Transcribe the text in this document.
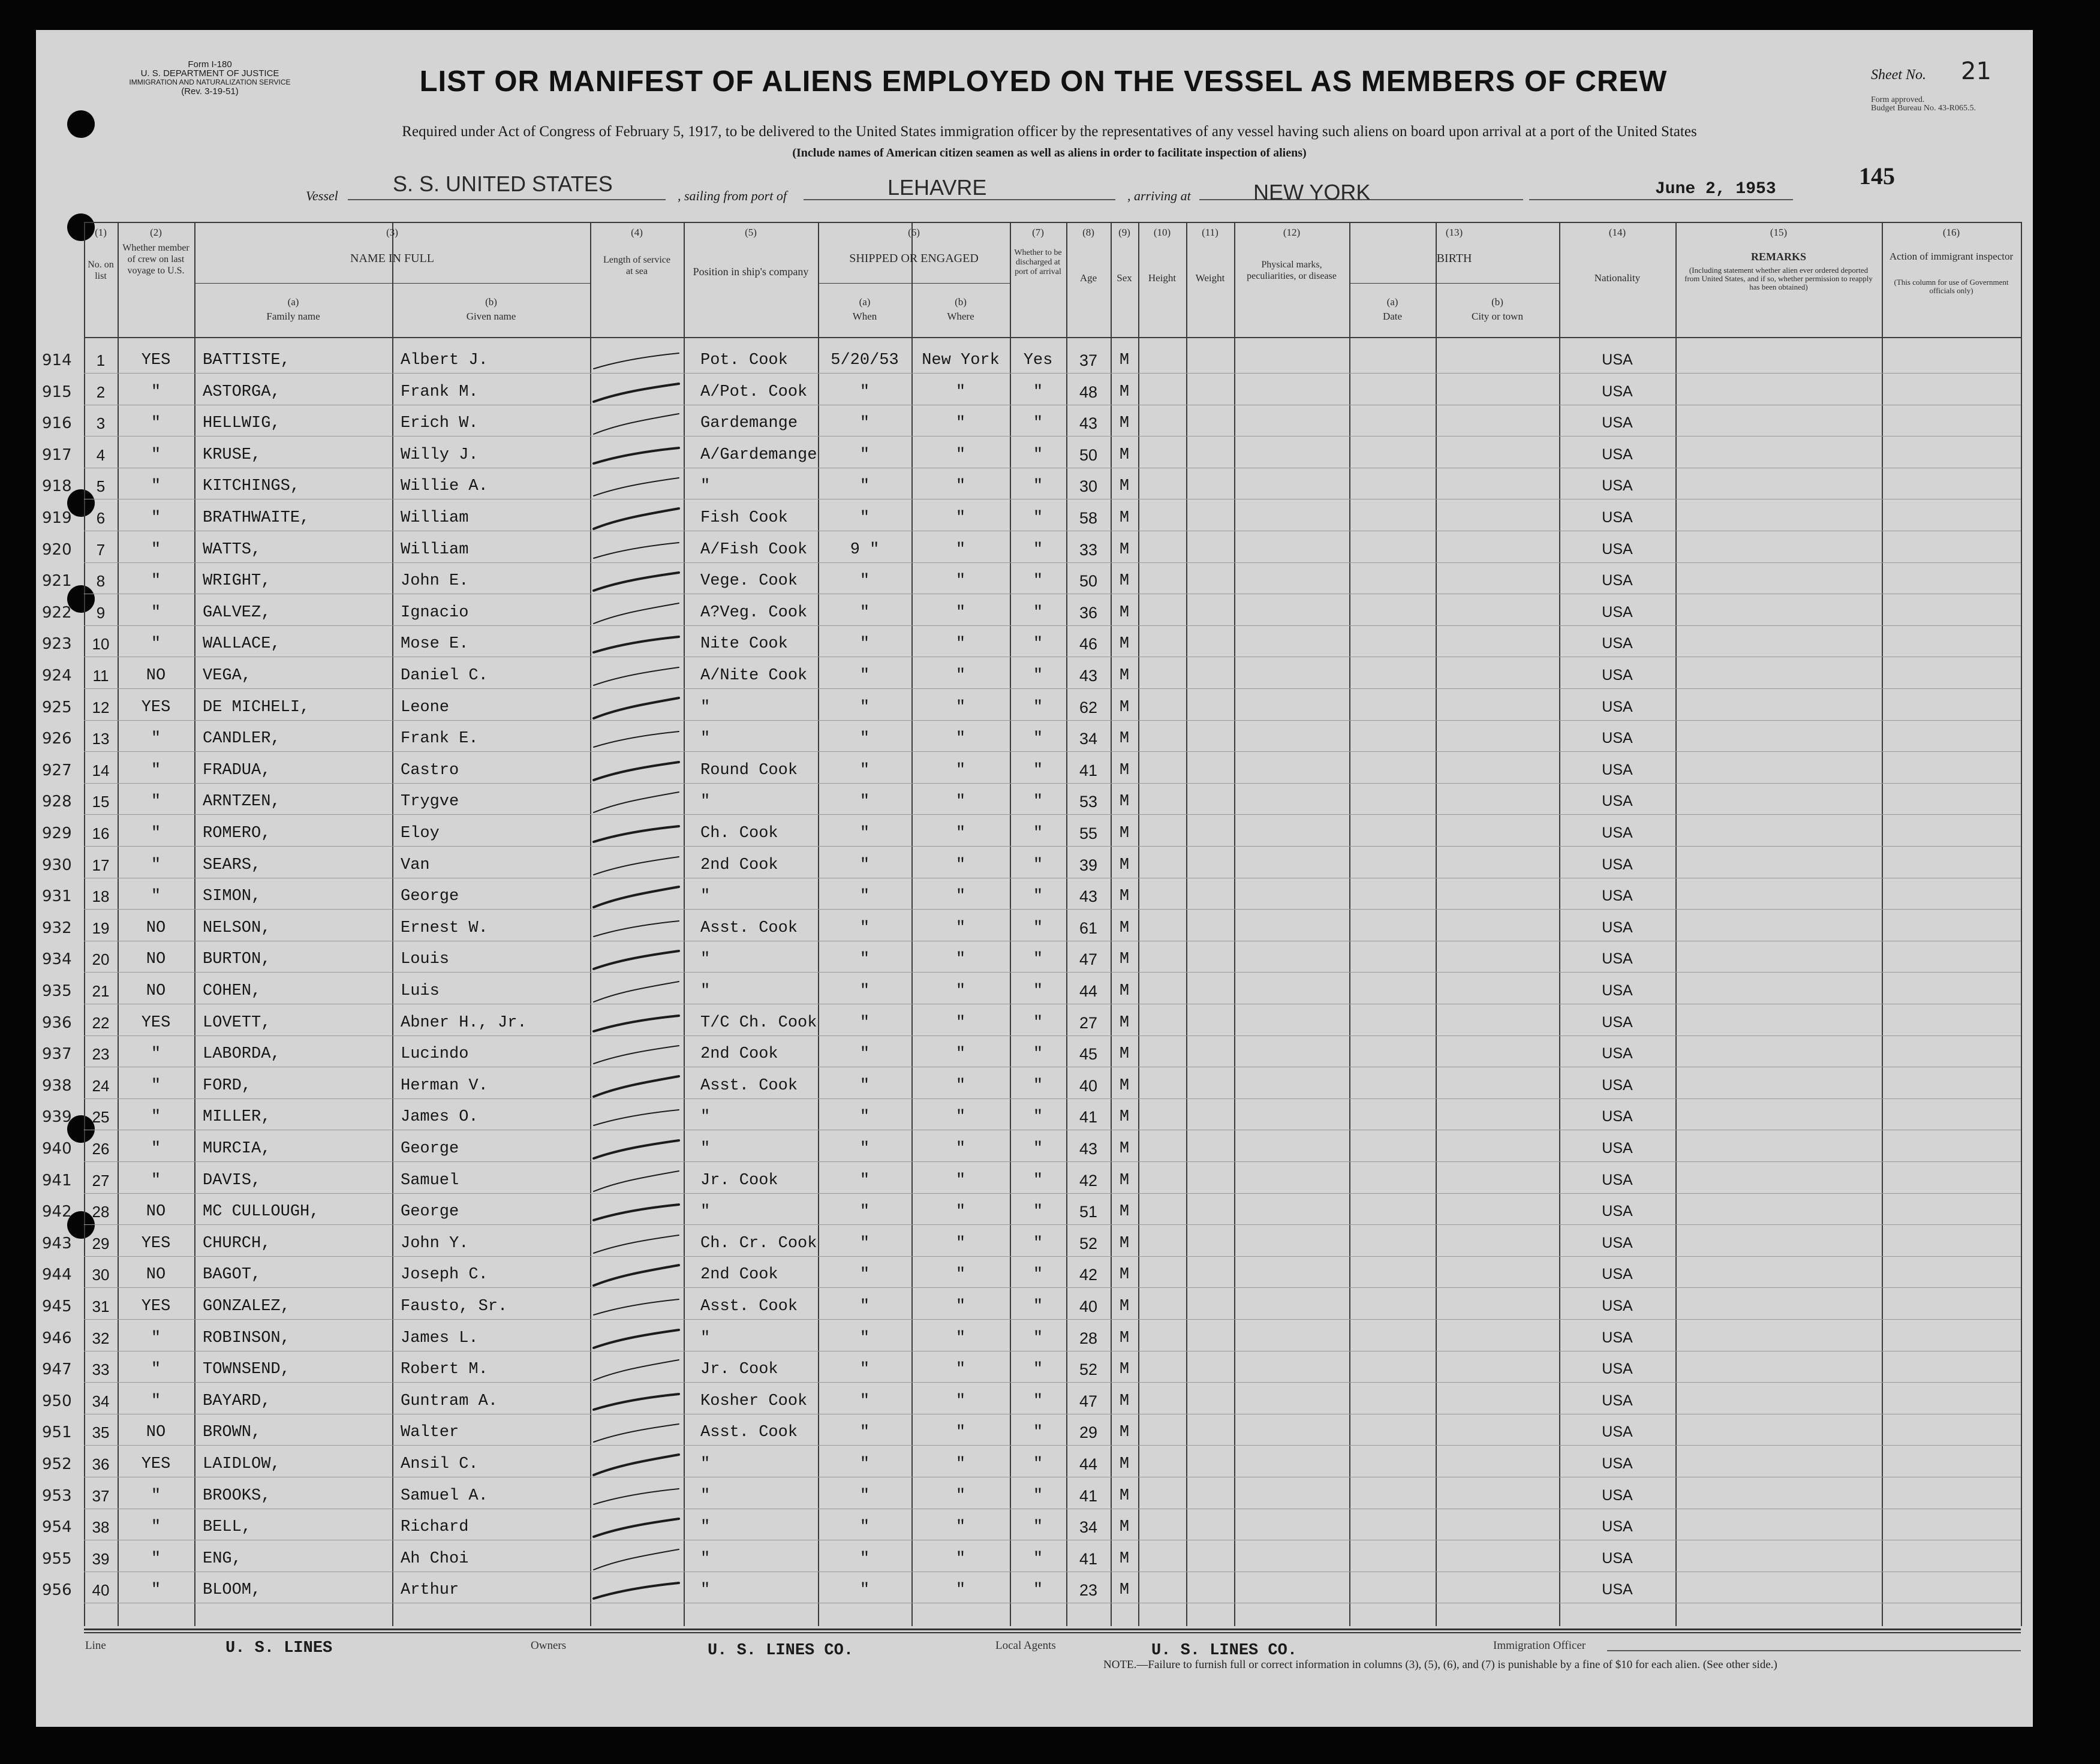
Form I-180
U. S. DEPARTMENT OF JUSTICE
IMMIGRATION AND NATURALIZATION SERVICE
(Rev. 3-19-51)	LIST OR MANIFEST OF ALIENS EMPLOYED ON THE VESSEL AS MEMBERS OF CREW	Sheet No. 21
Form approved.
Budget Bureau No. 43-R065.5.
Required under Act of Congress of February 5, 1917, to be delivered to the United States immigration officer by the representatives of any vessel having such aliens on board upon arrival at a port of the United States
(Include names of American citizen seamen as well as aliens in order to facilitate inspection of aliens)
Vessel	S. S. UNITED STATES	, sailing from port of	LEHAVRE	, arriving at	NEW YORK	June 2, 1953	145
(1)
No. on list
(2)
Whether member of crew on last voyage to U.S.
(3)
NAME IN FULL
(a)
Family name
(b)
Given name
(4)
Length of service at sea
(5)
Position in ship's company
(6)
SHIPPED OR ENGAGED
(a)
When
(b)
Where
(7)
Whether to be discharged at port of arrival
(8)
Age
(9)
Sex
(10)
Height
(11)
Weight
(12)
Physical marks, peculiarities, or disease
(13)
BIRTH
(a)
Date
(b)
City or town
(14)
Nationality
(15)
REMARKS
(Including statement whether alien ever ordered deported from United States, and if so, whether permission to reapply has been obtained)
(16)
Action of immigrant inspector
(This column for use of Government officials only)
914	1	YES	BATTISTE,	Albert J.	Pot. Cook	5/20/53	New York	Yes	37	M	USA
915	2	"	ASTORGA,	Frank M.	A/Pot. Cook	"	"	"	48	M	USA
916	3	"	HELLWIG,	Erich W.	Gardemange	"	"	"	43	M	USA
917	4	"	KRUSE,	Willy J.	A/Gardemange	"	"	"	50	M	USA
918	5	"	KITCHINGS,	Willie A.	"	"	"	"	30	M	USA
919	6	"	BRATHWAITE,	William	Fish Cook	"	"	"	58	M	USA
920	7	"	WATTS,	William	A/Fish Cook	9 "	"	"	33	M	USA
921	8	"	WRIGHT,	John E.	Vege. Cook	"	"	"	50	M	USA
922	9	"	GALVEZ,	Ignacio	A?Veg. Cook	"	"	"	36	M	USA
923	10	"	WALLACE,	Mose E.	Nite Cook	"	"	"	46	M	USA
924	11	NO	VEGA,	Daniel C.	A/Nite Cook	"	"	"	43	M	USA
925	12	YES	DE MICHELI,	Leone	"	"	"	"	62	M	USA
926	13	"	CANDLER,	Frank E.	"	"	"	"	34	M	USA
927	14	"	FRADUA,	Castro	Round Cook	"	"	"	41	M	USA
928	15	"	ARNTZEN,	Trygve	"	"	"	"	53	M	USA
929	16	"	ROMERO,	Eloy	Ch. Cook	"	"	"	55	M	USA
930	17	"	SEARS,	Van	2nd Cook	"	"	"	39	M	USA
931	18	"	SIMON,	George	"	"	"	"	43	M	USA
932	19	NO	NELSON,	Ernest W.	Asst. Cook	"	"	"	61	M	USA
934	20	NO	BURTON,	Louis	"	"	"	"	47	M	USA
935	21	NO	COHEN,	Luis	"	"	"	"	44	M	USA
936	22	YES	LOVETT,	Abner H., Jr.	T/C Ch. Cook	"	"	"	27	M	USA
937	23	"	LABORDA,	Lucindo	2nd Cook	"	"	"	45	M	USA
938	24	"	FORD,	Herman V.	Asst. Cook	"	"	"	40	M	USA
939	25	"	MILLER,	James O.	"	"	"	"	41	M	USA
940	26	"	MURCIA,	George	"	"	"	"	43	M	USA
941	27	"	DAVIS,	Samuel	Jr. Cook	"	"	"	42	M	USA
942	28	NO	MC CULLOUGH,	George	"	"	"	"	51	M	USA
943	29	YES	CHURCH,	John Y.	Ch. Cr. Cook	"	"	"	52	M	USA
944	30	NO	BAGOT,	Joseph C.	2nd Cook	"	"	"	42	M	USA
945	31	YES	GONZALEZ,	Fausto, Sr.	Asst. Cook	"	"	"	40	M	USA
946	32	"	ROBINSON,	James L.	"	"	"	"	28	M	USA
947	33	"	TOWNSEND,	Robert M.	Jr. Cook	"	"	"	52	M	USA
950	34	"	BAYARD,	Guntram A.	Kosher Cook	"	"	"	47	M	USA
951	35	NO	BROWN,	Walter	Asst. Cook	"	"	"	29	M	USA
952	36	YES	LAIDLOW,	Ansil C.	"	"	"	"	44	M	USA
953	37	"	BROOKS,	Samuel A.	"	"	"	"	41	M	USA
954	38	"	BELL,	Richard	"	"	"	"	34	M	USA
955	39	"	ENG,	Ah Choi	"	"	"	"	41	M	USA
956	40	"	BLOOM,	Arthur	"	"	"	"	23	M	USA
Line	U. S. LINES	Owners	U. S. LINES CO.	Local Agents	U. S. LINES CO.	Immigration Officer
NOTE.—Failure to furnish full or correct information in columns (3), (5), (6), and (7) is punishable by a fine of $10 for each alien. (See other side.)
